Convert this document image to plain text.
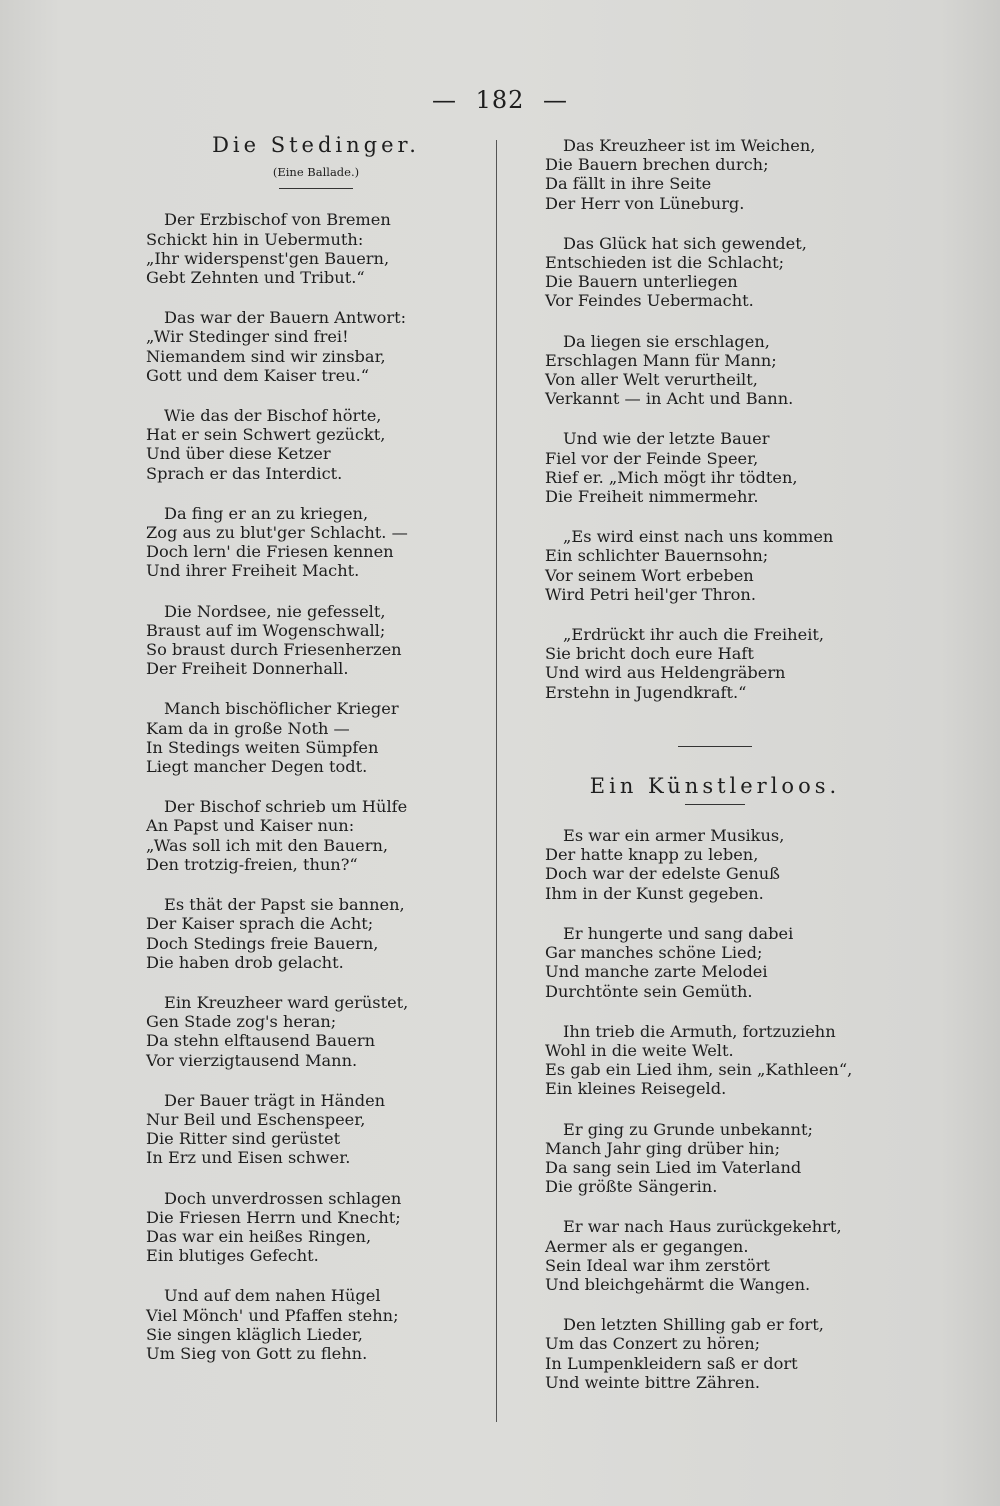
— 182 —
Die Stedinger.
(Eine Ballade.)
Der Erzbischof von Bremen
Schickt hin in Uebermuth:
„Ihr widerspenst'gen Bauern,
Gebt Zehnten und Tribut.“
Das war der Bauern Antwort:
„Wir Stedinger sind frei!
Niemandem sind wir zinsbar,
Gott und dem Kaiser treu.“
Wie das der Bischof hörte,
Hat er sein Schwert gezückt,
Und über diese Ketzer
Sprach er das Interdict.
Da fing er an zu kriegen,
Zog aus zu blut'ger Schlacht. —
Doch lern' die Friesen kennen
Und ihrer Freiheit Macht.
Die Nordsee, nie gefesselt,
Braust auf im Wogenschwall;
So braust durch Friesenherzen
Der Freiheit Donnerhall.
Manch bischöflicher Krieger
Kam da in große Noth —
In Stedings weiten Sümpfen
Liegt mancher Degen todt.
Der Bischof schrieb um Hülfe
An Papst und Kaiser nun:
„Was soll ich mit den Bauern,
Den trotzig-freien, thun?“
Es thät der Papst sie bannen,
Der Kaiser sprach die Acht;
Doch Stedings freie Bauern,
Die haben drob gelacht.
Ein Kreuzheer ward gerüstet,
Gen Stade zog's heran;
Da stehn elftausend Bauern
Vor vierzigtausend Mann.
Der Bauer trägt in Händen
Nur Beil und Eschenspeer,
Die Ritter sind gerüstet
In Erz und Eisen schwer.
Doch unverdrossen schlagen
Die Friesen Herrn und Knecht;
Das war ein heißes Ringen,
Ein blutiges Gefecht.
Und auf dem nahen Hügel
Viel Mönch' und Pfaffen stehn;
Sie singen kläglich Lieder,
Um Sieg von Gott zu flehn.
Das Kreuzheer ist im Weichen,
Die Bauern brechen durch;
Da fällt in ihre Seite
Der Herr von Lüneburg.
Das Glück hat sich gewendet,
Entschieden ist die Schlacht;
Die Bauern unterliegen
Vor Feindes Uebermacht.
Da liegen sie erschlagen,
Erschlagen Mann für Mann;
Von aller Welt verurtheilt,
Verkannt — in Acht und Bann.
Und wie der letzte Bauer
Fiel vor der Feinde Speer,
Rief er. „Mich mögt ihr tödten,
Die Freiheit nimmermehr.
„Es wird einst nach uns kommen
Ein schlichter Bauernsohn;
Vor seinem Wort erbeben
Wird Petri heil'ger Thron.
„Erdrückt ihr auch die Freiheit,
Sie bricht doch eure Haft
Und wird aus Heldengräbern
Erstehn in Jugendkraft.“
Ein Künstlerloos.
Es war ein armer Musikus,
Der hatte knapp zu leben,
Doch war der edelste Genuß
Ihm in der Kunst gegeben.
Er hungerte und sang dabei
Gar manches schöne Lied;
Und manche zarte Melodei
Durchtönte sein Gemüth.
Ihn trieb die Armuth, fortzuziehn
Wohl in die weite Welt.
Es gab ein Lied ihm, sein „Kathleen“,
Ein kleines Reisegeld.
Er ging zu Grunde unbekannt;
Manch Jahr ging drüber hin;
Da sang sein Lied im Vaterland
Die größte Sängerin.
Er war nach Haus zurückgekehrt,
Aermer als er gegangen.
Sein Ideal war ihm zerstört
Und bleichgehärmt die Wangen.
Den letzten Shilling gab er fort,
Um das Conzert zu hören;
In Lumpenkleidern saß er dort
Und weinte bittre Zähren.
